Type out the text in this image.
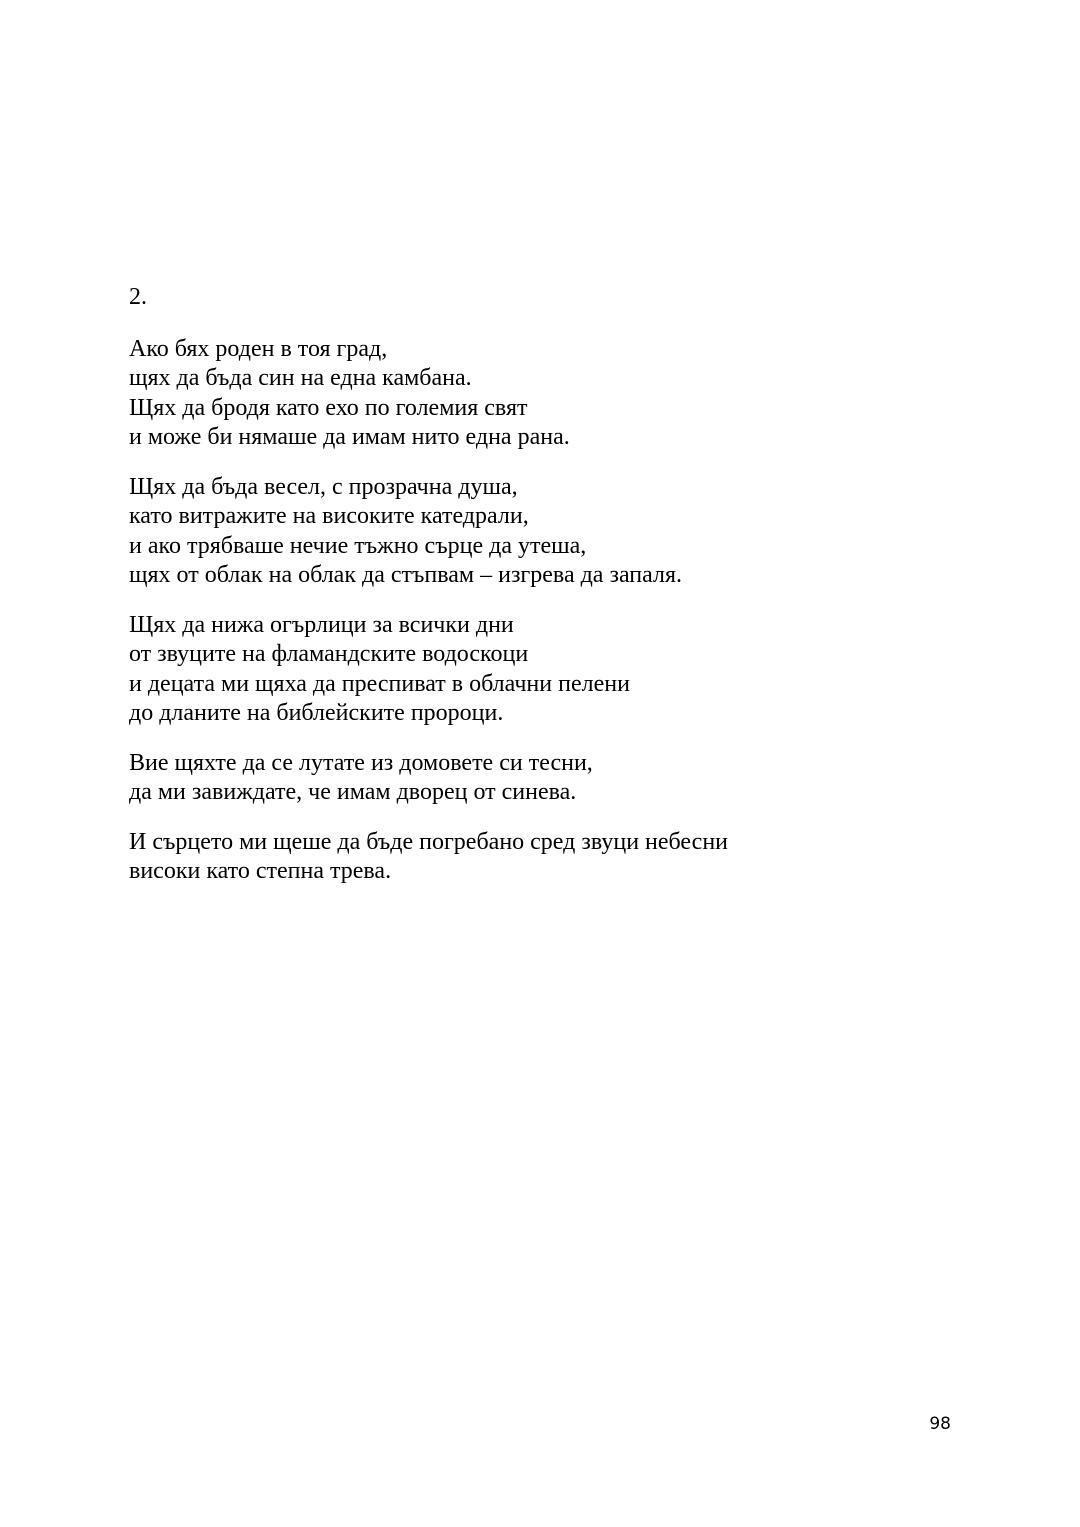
2.

Ако бях роден в тоя град,
щях да бъда син на една камбана.
Щях да бродя като ехо по големия свят
и може би нямаше да имам нито една рана.
Щях да бъда весел, с прозрачна душа,
като витражите на високите катедрали,
и ако трябваше нечие тъжно сърце да утеша,
щях от облак на облак да стъпвам – изгрева да запаля.
Щях да нижа огърлици за всички дни
от звуците на фламандските водоскоци
и децата ми щяха да преспиват в облачни пелени
до дланите на библейските пророци.
Вие щяхте да се лутате из домовете си тесни,
да ми завиждате, че имам дворец от синева.
И сърцето ми щеше да бъде погребано сред звуци небесни
високи като степна трева.
98
